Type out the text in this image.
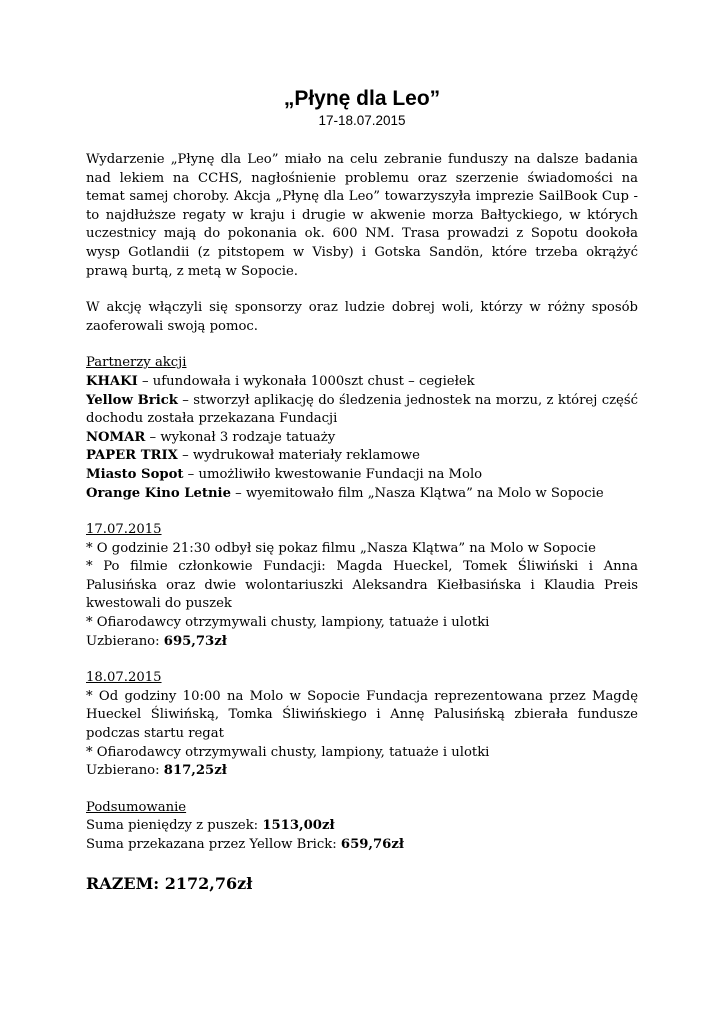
„Płynę dla Leo”
17-18.07.2015

Wydarzenie „Płynę dla Leo” miało na celu zebranie funduszy na dalsze badania nad lekiem na CCHS, nagłośnienie problemu oraz szerzenie świadomości na temat samej choroby. Akcja „Płynę dla Leo” towarzyszyła imprezie SailBook Cup - to najdłuższe regaty w kraju i drugie w akwenie morza Bałtyckiego, w których uczestnicy mają do pokonania ok. 600 NM. Trasa prowadzi z Sopotu dookoła wysp Gotlandii (z pitstopem w Visby) i Gotska Sandön, które trzeba okrążyć prawą burtą, z metą w Sopocie.

W akcję włączyli się sponsorzy oraz ludzie dobrej woli, którzy w różny sposób zaoferowali swoją pomoc.

Partnerzy akcji
KHAKI – ufundowała i wykonała 1000szt chust – cegiełek
Yellow Brick – stworzył aplikację do śledzenia jednostek na morzu, z której część dochodu została przekazana Fundacji
NOMAR – wykonał 3 rodzaje tatuaży
PAPER TRIX – wydrukował materiały reklamowe
Miasto Sopot – umożliwiło kwestowanie Fundacji na Molo
Orange Kino Letnie – wyemitowało film „Nasza Klątwa” na Molo w Sopocie
17.07.2015
* O godzinie 21:30 odbył się pokaz filmu „Nasza Klątwa” na Molo w Sopocie
* Po filmie członkowie Fundacji: Magda Hueckel, Tomek Śliwiński i Anna Palusińska oraz dwie wolontariuszki Aleksandra Kiełbasińska i Klaudia Preis kwestowali do puszek
* Ofiarodawcy otrzymywali chusty, lampiony, tatuaże i ulotki
Uzbierano: 695,73zł
18.07.2015
* Od godziny 10:00 na Molo w Sopocie Fundacja reprezentowana przez Magdę Hueckel Śliwińską, Tomka Śliwińskiego i Annę Palusińską zbierała fundusze podczas startu regat
* Ofiarodawcy otrzymywali chusty, lampiony, tatuaże i ulotki
Uzbierano: 817,25zł
Podsumowanie
Suma pieniędzy z puszek: 1513,00zł
Suma przekazana przez Yellow Brick: 659,76zł
RAZEM: 2172,76zł
